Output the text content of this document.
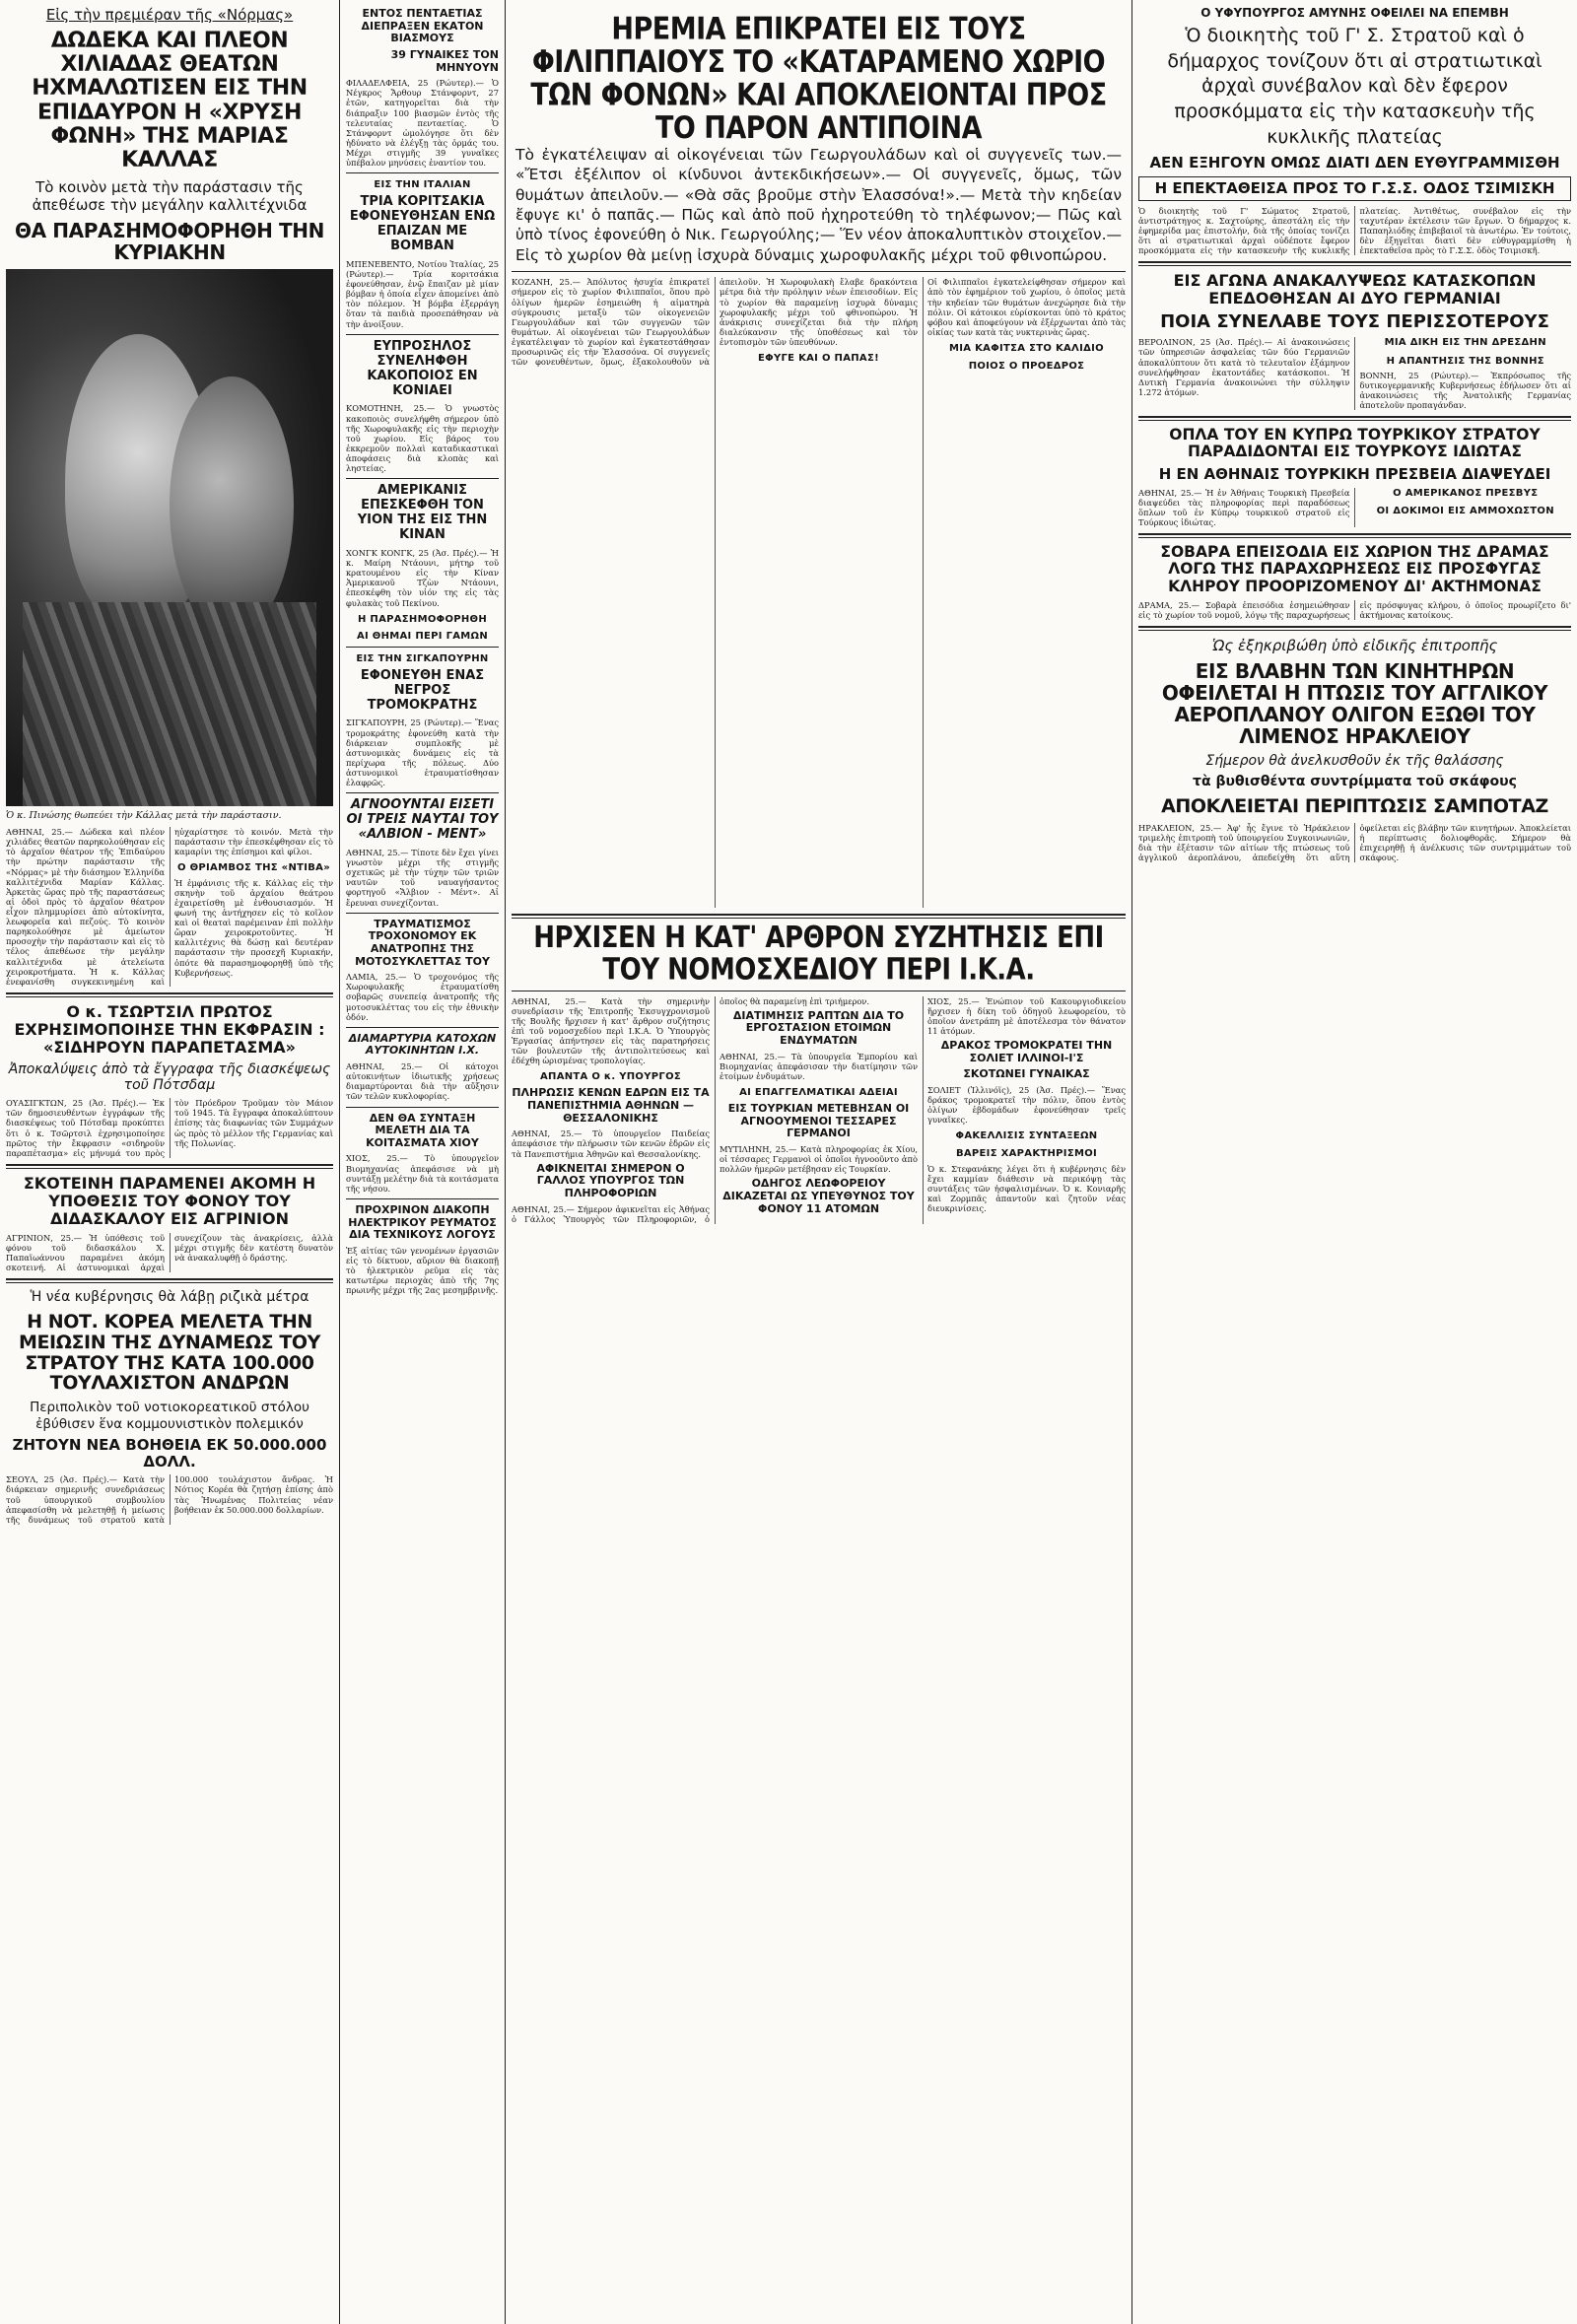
Εἰς τὴν πρεμιέραν τῆς «Νόρμας»
ΔΩΔΕΚΑ ΚΑΙ ΠΛΕΟΝ ΧΙΛΙΑΔΑΣ ΘΕΑΤΩΝ ΗΧΜΑΛΩΤΙΣΕΝ ΕΙΣ ΤΗΝ ΕΠΙΔΑΥΡΟΝ Η «ΧΡΥΣΗ ΦΩΝΗ» ΤΗΣ ΜΑΡΙΑΣ ΚΑΛΛΑΣ
Τὸ κοινὸν μετὰ τὴν παράστασιν τῆς ἀπεθέωσε τὴν μεγάλην καλλιτέχνιδα
ΘΑ ΠΑΡΑΣΗΜΟΦΟΡΗΘΗ ΤΗΝ ΚΥΡΙΑΚΗΝ
Ὁ κ. Πινώσης θωπεύει τὴν Κάλλας μετὰ τὴν παράστασιν.
ΑΘΗΝΑΙ, 25.— Δώδεκα καὶ πλέον χιλιάδες θεατῶν παρηκολούθησαν εἰς τὸ ἀρχαῖον θέατρον τῆς Ἐπιδαύρου τὴν πρώτην παράστασιν τῆς «Νόρμας» μὲ τὴν διάσημον Ἑλληνίδα καλλιτέχνιδα Μαρίαν Κάλλας. Ἀρκετὰς ὥρας πρὸ τῆς παραστάσεως αἱ ὁδοὶ πρὸς τὸ ἀρχαῖον θέατρον εἶχον πλημμυρίσει ἀπὸ αὐτοκίνητα, λεωφορεῖα καὶ πεζούς. Τὸ κοινὸν παρηκολούθησε μὲ ἀμείωτον προσοχὴν τὴν παράστασιν καὶ εἰς τὸ τέλος ἀπεθέωσε τὴν μεγάλην καλλιτέχνιδα μὲ ἀτελείωτα χειροκροτήματα. Ἡ κ. Κάλλας ἐνεφανίσθη συγκεκινημένη καὶ ηὐχαρίστησε τὸ κοινόν. Μετὰ τὴν παράστασιν τὴν ἐπεσκέφθησαν εἰς τὸ καμαρίνι της ἐπίσημοι καὶ φίλοι.
Ο ΘΡΙΑΜΒΟΣ ΤΗΣ «ΝΤΙΒΑ»
Ἡ ἐμφάνισις τῆς κ. Κάλλας εἰς τὴν σκηνὴν τοῦ ἀρχαίου θεάτρου ἐχαιρετίσθη μὲ ἐνθουσιασμόν. Ἡ φωνή της ἀντήχησεν εἰς τὸ κοῖλον καὶ οἱ θεαταὶ παρέμειναν ἐπὶ πολλὴν ὥραν χειροκροτοῦντες. Ἡ καλλιτέχνις θὰ δώσῃ καὶ δευτέραν παράστασιν τὴν προσεχῆ Κυριακήν, ὁπότε θὰ παρασημοφορηθῇ ὑπὸ τῆς Κυβερνήσεως.
Ο κ. ΤΣΩΡΤΣΙΛ ΠΡΩΤΟΣ ΕΧΡΗΣΙΜΟΠΟΙΗΣΕ ΤΗΝ ΕΚΦΡΑΣΙΝ : «ΣΙΔΗΡΟΥΝ ΠΑΡΑΠΕΤΑΣΜΑ»
Ἀποκαλύψεις ἀπὸ τὰ ἔγγραφα τῆς διασκέψεως τοῦ Πότσδαμ
ΟΥΑΣΙΓΚΤΩΝ, 25 (Ἀσ. Πρές).— Ἐκ τῶν δημοσιευθέντων ἐγγράφων τῆς διασκέψεως τοῦ Πότσδαμ προκύπτει ὅτι ὁ κ. Τσῶρτσιλ ἐχρησιμοποίησε πρῶτος τὴν ἔκφρασιν «σιδηροῦν παραπέτασμα» εἰς μήνυμά του πρὸς τὸν Πρόεδρον Τροῦμαν τὸν Μάιον τοῦ 1945. Τὰ ἔγγραφα ἀποκαλύπτουν ἐπίσης τὰς διαφωνίας τῶν Συμμάχων ὡς πρὸς τὸ μέλλον τῆς Γερμανίας καὶ τῆς Πολωνίας.
ΣΚΟΤΕΙΝΗ ΠΑΡΑΜΕΝΕΙ ΑΚΟΜΗ Η ΥΠΟΘΕΣΙΣ ΤΟΥ ΦΟΝΟΥ ΤΟΥ ΔΙΔΑΣΚΑΛΟΥ ΕΙΣ ΑΓΡΙΝΙΟΝ
ΑΓΡΙΝΙΟΝ, 25.— Ἡ ὑπόθεσις τοῦ φόνου τοῦ διδασκάλου Χ. Παπαϊωάννου παραμένει ἀκόμη σκοτεινή. Αἱ ἀστυνομικαὶ ἀρχαὶ συνεχίζουν τὰς ἀνακρίσεις, ἀλλὰ μέχρι στιγμῆς δὲν κατέστη δυνατὸν νὰ ἀνακαλυφθῇ ὁ δράστης.
Ἡ νέα κυβέρνησις θὰ λάβῃ ριζικὰ μέτρα
Η ΝΟΤ. ΚΟΡΕΑ ΜΕΛΕΤΑ ΤΗΝ ΜΕΙΩΣΙΝ ΤΗΣ ΔΥΝΑΜΕΩΣ ΤΟΥ ΣΤΡΑΤΟΥ ΤΗΣ ΚΑΤΑ 100.000 ΤΟΥΛΑΧΙΣΤΟΝ ΑΝΔΡΩΝ
Περιπολικὸν τοῦ νοτιοκορεατικοῦ στόλου ἐβύθισεν ἕνα κομμουνιστικὸν πολεμικόν
ΖΗΤΟΥΝ ΝΕΑ ΒΟΗΘΕΙΑ ΕΚ 50.000.000 ΔΟΛΛ.
ΣΕΟΥΛ, 25 (Ἀσ. Πρές).— Κατὰ τὴν διάρκειαν σημερινῆς συνεδριάσεως τοῦ ὑπουργικοῦ συμβουλίου ἀπεφασίσθη νὰ μελετηθῇ ἡ μείωσις τῆς δυνάμεως τοῦ στρατοῦ κατὰ 100.000 τουλάχιστον ἄνδρας. Ἡ Νότιος Κορέα θὰ ζητήσῃ ἐπίσης ἀπὸ τὰς Ἡνωμένας Πολιτείας νέαν βοήθειαν ἐκ 50.000.000 δολλαρίων.
ΕΝΤΟΣ ΠΕΝΤΑΕΤΙΑΣ ΔΙΕΠΡΑΞΕΝ ΕΚΑΤΟΝ ΒΙΑΣΜΟΥΣ
39 ΓΥΝΑΙΚΕΣ ΤΟΝ ΜΗΝΥΟΥΝ
ΦΙΛΑΔΕΛΦΕΙΑ, 25 (Ρώυτερ).— Ὁ Νέγκρος Ἄρθουρ Στάνφορντ, 27 ἐτῶν, κατηγορεῖται διὰ τὴν διάπραξιν 100 βιασμῶν ἐντὸς τῆς τελευταίας πενταετίας. Ὁ Στάνφορντ ὡμολόγησε ὅτι δὲν ἠδύνατο νὰ ἐλέγξῃ τὰς ὁρμάς του. Μέχρι στιγμῆς 39 γυναῖκες ὑπέβαλον μηνύσεις ἐναντίον του.
ΕΙΣ ΤΗΝ ΙΤΑΛΙΑΝ
ΤΡΙΑ ΚΟΡΙΤΣΑΚΙΑ ΕΦΟΝΕΥΘΗΣΑΝ ΕΝΩ ΕΠΑΙΖΑΝ ΜΕ ΒΟΜΒΑΝ
ΜΠΕΝΕΒΕΝΤΟ, Νοτίου Ἰταλίας, 25 (Ρώυτερ).— Τρία κοριτσάκια ἐφονεύθησαν, ἐνῷ ἔπαιζαν μὲ μίαν βόμβαν ἡ ὁποία εἶχεν ἀπομείνει ἀπὸ τὸν πόλεμον. Ἡ βόμβα ἐξερράγη ὅταν τὰ παιδιὰ προσεπάθησαν νὰ τὴν ἀνοίξουν.
ΕΥΠΡΟΣΗΛΟΣ ΣΥΝΕΛΗΦΘΗ ΚΑΚΟΠΟΙΟΣ ΕΝ ΚΟΝΙΑΕΙ
ΚΟΜΟΤΗΝΗ, 25.— Ὁ γνωστὸς κακοποιὸς συνελήφθη σήμερον ὑπὸ τῆς Χωροφυλακῆς εἰς τὴν περιοχὴν τοῦ χωρίου. Εἰς βάρος του ἐκκρεμοῦν πολλαὶ καταδικαστικαὶ ἀποφάσεις διὰ κλοπὰς καὶ ληστείας.
ΑΜΕΡΙΚΑΝΙΣ ΕΠΕΣΚΕΦΘΗ ΤΟΝ ΥΙΟΝ ΤΗΣ ΕΙΣ ΤΗΝ ΚΙΝΑΝ
ΧΟΝΓΚ ΚΟΝΓΚ, 25 (Ἀσ. Πρές).— Ἡ κ. Μαίρη Ντάουνι, μήτηρ τοῦ κρατουμένου εἰς τὴν Κίναν Ἀμερικανοῦ Τζὼν Ντάουνι, ἐπεσκέφθη τὸν υἱόν της εἰς τὰς φυλακὰς τοῦ Πεκίνου.
Η ΠΑΡΑΣΗΜΟΦΟΡΗΘΗ
ΑΙ ΘΗΜΑΙ ΠΕΡΙ ΓΑΜΩΝ
ΕΙΣ ΤΗΝ ΣΙΓΚΑΠΟΥΡΗΝ
ΕΦΟΝΕΥΘΗ ΕΝΑΣ ΝΕΓΡΟΣ ΤΡΟΜΟΚΡΑΤΗΣ
ΣΙΓΚΑΠΟΥΡΗ, 25 (Ρώυτερ).— Ἕνας τρομοκράτης ἐφονεύθη κατὰ τὴν διάρκειαν συμπλοκῆς μὲ ἀστυνομικὰς δυνάμεις εἰς τὰ περίχωρα τῆς πόλεως. Δύο ἀστυνομικοὶ ἐτραυματίσθησαν ἐλαφρῶς.
ΑΓΝΟΟΥΝΤΑΙ ΕΙΣΕΤΙ ΟΙ ΤΡΕΙΣ ΝΑΥΤΑΙ ΤΟΥ «ΑΛΒΙΟΝ - ΜΕΝΤ»
ΑΘΗΝΑΙ, 25.— Τίποτε δὲν ἔχει γίνει γνωστὸν μέχρι τῆς στιγμῆς σχετικῶς μὲ τὴν τύχην τῶν τριῶν ναυτῶν τοῦ ναυαγήσαντος φορτηγοῦ «Ἄλβιον - Μέντ». Αἱ ἔρευναι συνεχίζονται.
ΤΡΑΥΜΑΤΙΣΜΟΣ ΤΡΟΧΟΝΟΜΟΥ ΕΚ ΑΝΑΤΡΟΠΗΣ ΤΗΣ ΜΟΤΟΣΥΚΛΕΤΤΑΣ ΤΟΥ
ΛΑΜΙΑ, 25.— Ὁ τροχονόμος τῆς Χωροφυλακῆς ἐτραυματίσθη σοβαρῶς συνεπείᾳ ἀνατροπῆς τῆς μοτοσυκλέττας του εἰς τὴν ἐθνικὴν ὁδόν.
ΔΙΑΜΑΡΤΥΡΙΑ ΚΑΤΟΧΩΝ ΑΥΤΟΚΙΝΗΤΩΝ Ι.Χ.
ΑΘΗΝΑΙ, 25.— Οἱ κάτοχοι αὐτοκινήτων ἰδιωτικῆς χρήσεως διαμαρτύρονται διὰ τὴν αὔξησιν τῶν τελῶν κυκλοφορίας.
ΔΕΝ ΘΑ ΣΥΝΤΑΞΗ ΜΕΛΕΤΗ ΔΙΑ ΤΑ ΚΟΙΤΑΣΜΑΤΑ ΧΙΟΥ
ΧΙΟΣ, 25.— Τὸ ὑπουργεῖον Βιομηχανίας ἀπεφάσισε νὰ μὴ συντάξῃ μελέτην διὰ τὰ κοιτάσματα τῆς νήσου.
ΠΡΟΧΡΙΝΟΝ ΔΙΑΚΟΠΗ ΗΛΕΚΤΡΙΚΟΥ ΡΕΥΜΑΤΟΣ ΔΙΑ ΤΕΧΝΙΚΟΥΣ ΛΟΓΟΥΣ
Ἐξ αἰτίας τῶν γενομένων ἐργασιῶν εἰς τὸ δίκτυον, αὔριον θὰ διακοπῇ τὸ ἠλεκτρικὸν ρεῦμα εἰς τὰς κατωτέρω περιοχὰς ἀπὸ τῆς 7ης πρωινῆς μέχρι τῆς 2ας μεσημβρινῆς.
ΗΡΕΜΙΑ ΕΠΙΚΡΑΤΕΙ ΕΙΣ ΤΟΥΣ ΦΙΛΙΠΠΑΙΟΥΣ ΤΟ «ΚΑΤΑΡΑΜΕΝΟ ΧΩΡΙΟ ΤΩΝ ΦΟΝΩΝ» ΚΑΙ ΑΠΟΚΛΕΙΟΝΤΑΙ ΠΡΟΣ ΤΟ ΠΑΡΟΝ ΑΝΤΙΠΟΙΝΑ
Τὸ ἐγκατέλειψαν αἱ οἰκογένειαι τῶν Γεωργουλάδων καὶ οἱ συγγενεῖς των.— «Ἔτσι ἐξέλιπον οἱ κίνδυνοι ἀντεκδικήσεων».— Οἱ συγγενεῖς, ὅμως, τῶν θυμάτων ἀπειλοῦν.— «Θὰ σᾶς βροῦμε στὴν Ἐλασσόνα!».— Μετὰ τὴν κηδείαν ἔφυγε κι' ὁ παπᾶς.— Πῶς καὶ ἀπὸ ποῦ ἠχηροτεύθη τὸ τηλέφωνον;— Πῶς καὶ ὑπὸ τίνος ἐφονεύθη ὁ Νικ. Γεωργούλης;— Ἕν νέον ἀποκαλυπτικὸν στοιχεῖον.— Εἰς τὸ χωρίον θὰ μείνῃ ἰσχυρὰ δύναμις χωροφυλακῆς μέχρι τοῦ φθινοπώρου.
ΚΟΖΑΝΗ, 25.— Ἀπόλυτος ἡσυχία ἐπικρατεῖ σήμερον εἰς τὸ χωρίον Φιλιππαῖοι, ὅπου πρὸ ὀλίγων ἡμερῶν ἐσημειώθη ἡ αἱματηρὰ σύγκρουσις μεταξὺ τῶν οἰκογενειῶν Γεωργουλάδων καὶ τῶν συγγενῶν τῶν θυμάτων. Αἱ οἰκογένειαι τῶν Γεωργουλάδων ἐγκατέλειψαν τὸ χωρίον καὶ ἐγκατεστάθησαν προσωρινῶς εἰς τὴν Ἐλασσόνα. Οἱ συγγενεῖς τῶν φονευθέντων, ὅμως, ἐξακολουθοῦν νὰ ἀπειλοῦν. Ἡ Χωροφυλακὴ ἔλαβε δρακόντεια μέτρα διὰ τὴν πρόληψιν νέων ἐπεισοδίων. Εἰς τὸ χωρίον θὰ παραμείνῃ ἰσχυρὰ δύναμις χωροφυλακῆς μέχρι τοῦ φθινοπώρου. Ἡ ἀνάκρισις συνεχίζεται διὰ τὴν πλήρη διαλεύκανσιν τῆς ὑποθέσεως καὶ τὸν ἐντοπισμὸν τῶν ὑπευθύνων.
ΕΦΥΓΕ ΚΑΙ Ο ΠΑΠΑΣ!
Οἱ Φιλιππαῖοι ἐγκατελείφθησαν σήμερον καὶ ἀπὸ τὸν ἐφημέριον τοῦ χωρίου, ὁ ὁποῖος μετὰ τὴν κηδείαν τῶν θυμάτων ἀνεχώρησε διὰ τὴν πόλιν. Οἱ κάτοικοι εὑρίσκονται ὑπὸ τὸ κράτος φόβου καὶ ἀποφεύγουν νὰ ἐξέρχωνται ἀπὸ τὰς οἰκίας των κατὰ τὰς νυκτερινὰς ὥρας.
ΜΙΑ ΚΑΦΙΤΣΑ ΣΤΟ ΚΑΛΙΔΙΟ
ΠΟΙΟΣ Ο ΠΡΟΕΔΡΟΣ
ΗΡΧΙΣΕΝ Η ΚΑΤ' ΑΡΘΡΟΝ ΣΥΖΗΤΗΣΙΣ ΕΠΙ ΤΟΥ ΝΟΜΟΣΧΕΔΙΟΥ ΠΕΡΙ Ι.Κ.Α.
ΑΘΗΝΑΙ, 25.— Κατὰ τὴν σημερινὴν συνεδρίασιν τῆς Ἐπιτροπῆς Ἐκσυγχρονισμοῦ τῆς Βουλῆς ἤρχισεν ἡ κατ' ἄρθρον συζήτησις ἐπὶ τοῦ νομοσχεδίου περὶ Ι.Κ.Α. Ὁ Ὑπουργὸς Ἐργασίας ἀπήντησεν εἰς τὰς παρατηρήσεις τῶν βουλευτῶν τῆς ἀντιπολιτεύσεως καὶ ἐδέχθη ὡρισμένας τροπολογίας.
ΑΠΑΝΤΑ Ο κ. ΥΠΟΥΡΓΟΣ
ΠΛΗΡΩΣΙΣ ΚΕΝΩΝ ΕΔΡΩΝ ΕΙΣ ΤΑ ΠΑΝΕΠΙΣΤΗΜΙΑ ΑΘΗΝΩΝ — ΘΕΣΣΑΛΟΝΙΚΗΣ
ΑΘΗΝΑΙ, 25.— Τὸ ὑπουργεῖον Παιδείας ἀπεφάσισε τὴν πλήρωσιν τῶν κενῶν ἑδρῶν εἰς τὰ Πανεπιστήμια Ἀθηνῶν καὶ Θεσσαλονίκης.
ΑΦΙΚΝΕΙΤΑΙ ΣΗΜΕΡΟΝ Ο ΓΑΛΛΟΣ ΥΠΟΥΡΓΟΣ ΤΩΝ ΠΛΗΡΟΦΟΡΙΩΝ
ΑΘΗΝΑΙ, 25.— Σήμερον ἀφικνεῖται εἰς Ἀθήνας ὁ Γάλλος Ὑπουργὸς τῶν Πληροφοριῶν, ὁ ὁποῖος θὰ παραμείνῃ ἐπὶ τριήμερον.
ΔΙΑΤΙΜΗΣΙΣ ΡΑΠΤΩΝ ΔΙΑ ΤΟ ΕΡΓΟΣΤΑΣΙΟΝ ΕΤΟΙΜΩΝ ΕΝΔΥΜΑΤΩΝ
ΑΘΗΝΑΙ, 25.— Τὰ ὑπουργεῖα Ἐμπορίου καὶ Βιομηχανίας ἀπεφάσισαν τὴν διατίμησιν τῶν ἐτοίμων ἐνδυμάτων.
ΑΙ ΕΠΑΓΓΕΛΜΑΤΙΚΑΙ ΑΔΕΙΑΙ
ΕΙΣ ΤΟΥΡΚΙΑΝ ΜΕΤΕΒΗΣΑΝ ΟΙ ΑΓΝΟΟΥΜΕΝΟΙ ΤΕΣΣΑΡΕΣ ΓΕΡΜΑΝΟΙ
ΜΥΤΙΛΗΝΗ, 25.— Κατὰ πληροφορίας ἐκ Χίου, οἱ τέσσαρες Γερμανοὶ οἱ ὁποῖοι ἠγνοοῦντο ἀπὸ πολλῶν ἡμερῶν μετέβησαν εἰς Τουρκίαν.
ΟΔΗΓΟΣ ΛΕΩΦΟΡΕΙΟΥ ΔΙΚΑΖΕΤΑΙ ΩΣ ΥΠΕΥΘΥΝΟΣ ΤΟΥ ΦΟΝΟΥ 11 ΑΤΟΜΩΝ
ΧΙΟΣ, 25.— Ἐνώπιον τοῦ Κακουργιοδικείου ἤρχισεν ἡ δίκη τοῦ ὁδηγοῦ λεωφορείου, τὸ ὁποῖον ἀνετράπη μὲ ἀποτέλεσμα τὸν θάνατον 11 ἀτόμων.
ΔΡΑΚΟΣ ΤΡΟΜΟΚΡΑΤΕΙ ΤΗΝ ΣΟΛΙΕΤ ΙΛΛΙΝΟΙ-Ι'Σ
ΣΚΟΤΩΝΕΙ ΓΥΝΑΙΚΑΣ
ΣΟΛΙΕΤ (Ἰλλινόϊς), 25 (Ἀσ. Πρές).— Ἕνας δράκος τρομοκρατεῖ τὴν πόλιν, ὅπου ἐντὸς ὀλίγων ἑβδομάδων ἐφονεύθησαν τρεῖς γυναῖκες.
ΦΑΚΕΛΛΙΣΙΣ ΣΥΝΤΑΞΕΩΝ
ΒΑΡΕΙΣ ΧΑΡΑΚΤΗΡΙΣΜΟΙ
Ὁ κ. Στεφανάκης λέγει ὅτι ἡ κυβέρνησις δὲν ἔχει καμμίαν διάθεσιν νὰ περικόψῃ τὰς συντάξεις τῶν ἠσφαλισμένων. Ὁ κ. Κονιαρῆς καὶ Ζορμπᾶς ἀπαντοῦν καὶ ζητοῦν νέας διευκρινίσεις.
Ο ΥΦΥΠΟΥΡΓΟΣ ΑΜΥΝΗΣ ΟΦΕΙΛΕΙ ΝΑ ΕΠΕΜΒΗ
Ὁ διοικητὴς τοῦ Γ' Σ. Στρατοῦ καὶ ὁ δήμαρχος τονίζουν ὅτι αἱ στρατιωτικαὶ ἀρχαὶ συνέβαλον καὶ δὲν ἔφερον προσκόμματα εἰς τὴν κατασκευὴν τῆς κυκλικῆς πλατείας
ΑΕΝ ΕΞΗΓΟΥΝ ΟΜΩΣ ΔΙΑΤΙ ΔΕΝ ΕΥΘΥΓΡΑΜΜΙΣΘΗ
Η ΕΠΕΚΤΑΘΕΙΣΑ ΠΡΟΣ ΤΟ Γ.Σ.Σ. ΟΔΟΣ ΤΣΙΜΙΣΚΗ
Ὁ διοικητὴς τοῦ Γ' Σώματος Στρατοῦ, ἀντιστράτηγος κ. Σαχτούρης, ἀπεστάλη εἰς τὴν ἐφημερίδα μας ἐπιστολήν, διὰ τῆς ὁποίας τονίζει ὅτι αἱ στρατιωτικαὶ ἀρχαὶ οὐδέποτε ἔφερον προσκόμματα εἰς τὴν κατασκευὴν τῆς κυκλικῆς πλατείας. Ἀντιθέτως, συνέβαλον εἰς τὴν ταχυτέραν ἐκτέλεσιν τῶν ἔργων. Ὁ δήμαρχος κ. Παπαηλιόδης ἐπιβεβαιοῖ τὰ ἀνωτέρω. Ἐν τούτοις, δὲν ἐξηγεῖται διατὶ δὲν εὐθυγραμμίσθη ἡ ἐπεκταθεῖσα πρὸς τὸ Γ.Σ.Σ. ὁδὸς Τσιμισκῆ.
ΕΙΣ ΑΓΩΝΑ ΑΝΑΚΑΛΥΨΕΩΣ ΚΑΤΑΣΚΟΠΩΝ ΕΠΕΔΟΘΗΣΑΝ ΑΙ ΔΥΟ ΓΕΡΜΑΝΙΑΙ
ΠΟΙΑ ΣΥΝΕΛΑΒΕ ΤΟΥΣ ΠΕΡΙΣΣΟΤΕΡΟΥΣ
ΒΕΡΟΛΙΝΟΝ, 25 (Ἀσ. Πρές).— Αἱ ἀνακοινώσεις τῶν ὑπηρεσιῶν ἀσφαλείας τῶν δύο Γερμανιῶν ἀποκαλύπτουν ὅτι κατὰ τὸ τελευταῖον ἑξάμηνον συνελήφθησαν ἑκατοντάδες κατάσκοποι. Ἡ Δυτικὴ Γερμανία ἀνακοινώνει τὴν σύλληψιν 1.272 ἀτόμων.
ΜΙΑ ΔΙΚΗ ΕΙΣ ΤΗΝ ΔΡΕΣΔΗΝ
Η ΑΠΑΝΤΗΣΙΣ ΤΗΣ ΒΟΝΝΗΣ
ΒΟΝΝΗ, 25 (Ρώυτερ).— Ἐκπρόσωπος τῆς δυτικογερμανικῆς Κυβερνήσεως ἐδήλωσεν ὅτι αἱ ἀνακοινώσεις τῆς Ἀνατολικῆς Γερμανίας ἀποτελοῦν προπαγάνδαν.
ΟΠΛΑ ΤΟΥ ΕΝ ΚΥΠΡΩ ΤΟΥΡΚΙΚΟΥ ΣΤΡΑΤΟΥ ΠΑΡΑΔΙΔΟΝΤΑΙ ΕΙΣ ΤΟΥΡΚΟΥΣ ΙΔΙΩΤΑΣ
Η ΕΝ ΑΘΗΝΑΙΣ ΤΟΥΡΚΙΚΗ ΠΡΕΣΒΕΙΑ ΔΙΑΨΕΥΔΕΙ
ΑΘΗΝΑΙ, 25.— Ἡ ἐν Ἀθήναις Τουρκικὴ Πρεσβεία διαψεύδει τὰς πληροφορίας περὶ παραδόσεως ὅπλων τοῦ ἐν Κύπρῳ τουρκικοῦ στρατοῦ εἰς Τούρκους ἰδιώτας.
Ο ΑΜΕΡΙΚΑΝΟΣ ΠΡΕΣΒΥΣ
ΟΙ ΔΟΚΙΜΟΙ ΕΙΣ ΑΜΜΟΧΩΣΤΟΝ
ΣΟΒΑΡΑ ΕΠΕΙΣΟΔΙΑ ΕΙΣ ΧΩΡΙΟΝ ΤΗΣ ΔΡΑΜΑΣ ΛΟΓΩ ΤΗΣ ΠΑΡΑΧΩΡΗΣΕΩΣ ΕΙΣ ΠΡΟΣΦΥΓΑΣ ΚΛΗΡΟΥ ΠΡΟΟΡΙΖΟΜΕΝΟΥ ΔΙ' ΑΚΤΗΜΟΝΑΣ
ΔΡΑΜΑ, 25.— Σοβαρὰ ἐπεισόδια ἐσημειώθησαν εἰς τὸ χωρίον τοῦ νομοῦ, λόγῳ τῆς παραχωρήσεως εἰς πρόσφυγας κλήρου, ὁ ὁποῖος προωρίζετο δι' ἀκτήμονας κατοίκους.
Ὡς ἐξηκριβώθη ὑπὸ εἰδικῆς ἐπιτροπῆς
ΕΙΣ ΒΛΑΒΗΝ ΤΩΝ ΚΙΝΗΤΗΡΩΝ ΟΦΕΙΛΕΤΑΙ Η ΠΤΩΣΙΣ ΤΟΥ ΑΓΓΛΙΚΟΥ ΑΕΡΟΠΛΑΝΟΥ ΟΛΙΓΟΝ ΕΞΩΘΙ ΤΟΥ ΛΙΜΕΝΟΣ ΗΡΑΚΛΕΙΟΥ
Σήμερον θὰ ἀνελκυσθοῦν ἐκ τῆς θαλάσσης
τὰ βυθισθέντα συντρίμματα τοῦ σκάφους
ΑΠΟΚΛΕΙΕΤΑΙ ΠΕΡΙΠΤΩΣΙΣ ΣΑΜΠΟΤΑΖ
ΗΡΑΚΛΕΙΟΝ, 25.— Ἀφ' ἧς ἔγινε τὸ Ἡράκλειον τριμελὴς ἐπιτροπὴ τοῦ ὑπουργείου Συγκοινωνιῶν, διὰ τὴν ἐξέτασιν τῶν αἰτίων τῆς πτώσεως τοῦ ἀγγλικοῦ ἀεροπλάνου, ἀπεδείχθη ὅτι αὕτη ὀφείλεται εἰς βλάβην τῶν κινητήρων. Ἀποκλείεται ἡ περίπτωσις δολιοφθορᾶς. Σήμερον θὰ ἐπιχειρηθῇ ἡ ἀνέλκυσις τῶν συντριμμάτων τοῦ σκάφους.
